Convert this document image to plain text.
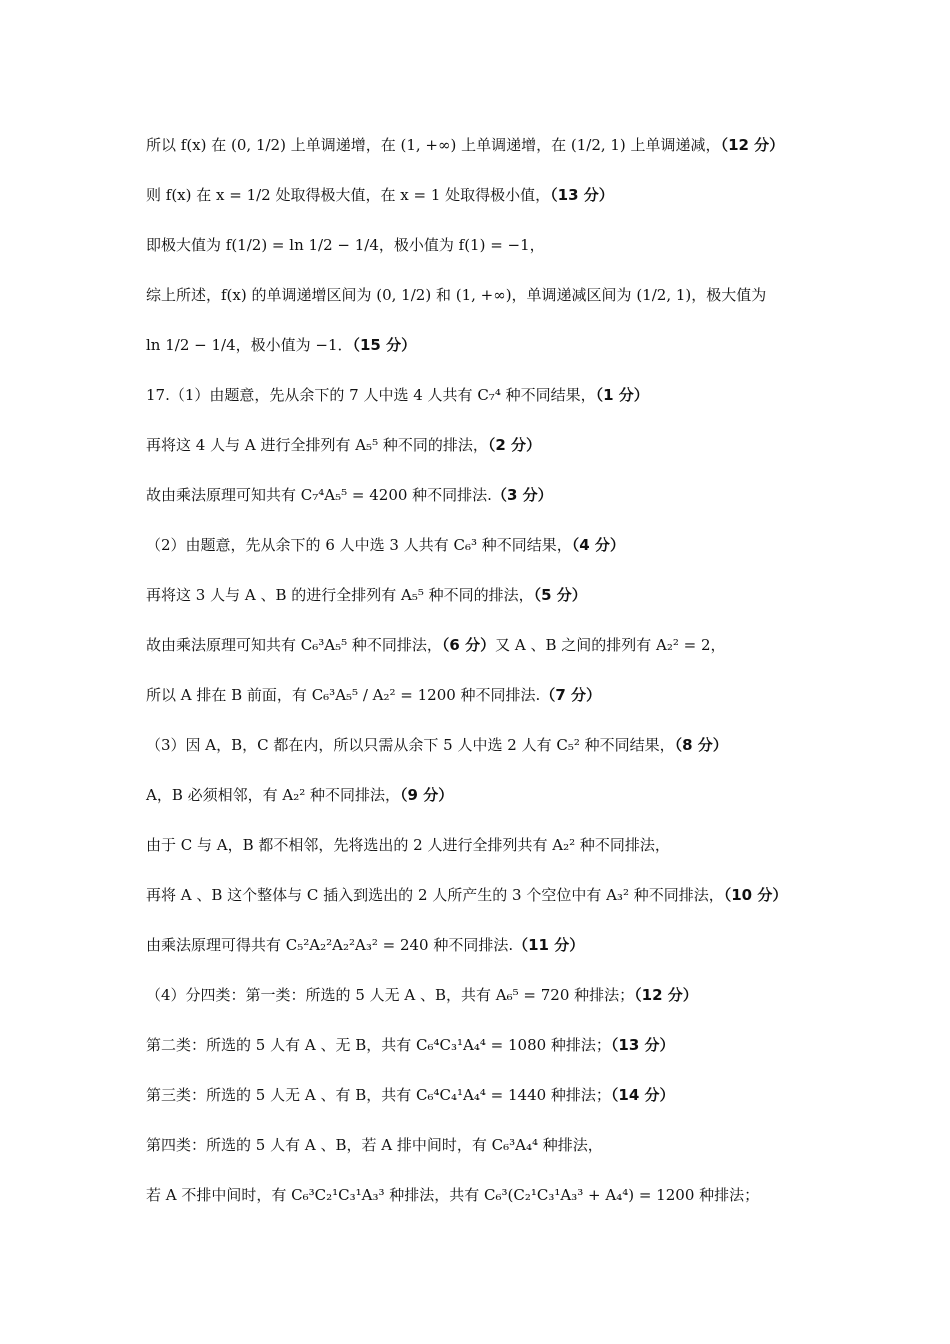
所以 f(x) 在 (0, 1/2) 上单调递增，在 (1, +∞) 上单调递增，在 (1/2, 1) 上单调递减，（12 分）
则 f(x) 在 x = 1/2 处取得极大值，在 x = 1 处取得极小值，（13 分）
即极大值为 f(1/2) = ln 1/2 − 1/4，极小值为 f(1) = −1，
综上所述，f(x) 的单调递增区间为 (0, 1/2) 和 (1, +∞)，单调递减区间为 (1/2, 1)，极大值为
ln 1/2 − 1/4，极小值为 −1．（15 分）
17.（1）由题意，先从余下的 7 人中选 4 人共有 C₇⁴ 种不同结果，（1 分）
再将这 4 人与 A 进行全排列有 A₅⁵ 种不同的排法，（2 分）
故由乘法原理可知共有 C₇⁴A₅⁵ = 4200 种不同排法.（3 分）
（2）由题意，先从余下的 6 人中选 3 人共有 C₆³ 种不同结果，（4 分）
再将这 3 人与 A 、B 的进行全排列有 A₅⁵ 种不同的排法，（5 分）
故由乘法原理可知共有 C₆³A₅⁵ 种不同排法，（6 分）又 A 、B 之间的排列有 A₂² = 2，
所以 A 排在 B 前面，有 C₆³A₅⁵ / A₂² = 1200 种不同排法.（7 分）
（3）因 A，B，C 都在内，所以只需从余下 5 人中选 2 人有 C₅² 种不同结果，（8 分）
A，B 必须相邻，有 A₂² 种不同排法，（9 分）
由于 C 与 A，B 都不相邻，先将选出的 2 人进行全排列共有 A₂² 种不同排法，
再将 A 、B 这个整体与 C 插入到选出的 2 人所产生的 3 个空位中有 A₃² 种不同排法，（10 分）
由乘法原理可得共有 C₅²A₂²A₂²A₃² = 240 种不同排法.（11 分）
（4）分四类：第一类：所选的 5 人无 A 、B，共有 A₆⁵ = 720 种排法；（12 分）
第二类：所选的 5 人有 A 、无 B，共有 C₆⁴C₃¹A₄⁴ = 1080 种排法；（13 分）
第三类：所选的 5 人无 A 、有 B，共有 C₆⁴C₄¹A₄⁴ = 1440 种排法；（14 分）
第四类：所选的 5 人有 A 、B，若 A 排中间时，有 C₆³A₄⁴ 种排法，
若 A 不排中间时，有 C₆³C₂¹C₃¹A₃³ 种排法，共有 C₆³(C₂¹C₃¹A₃³ + A₄⁴) = 1200 种排法；
